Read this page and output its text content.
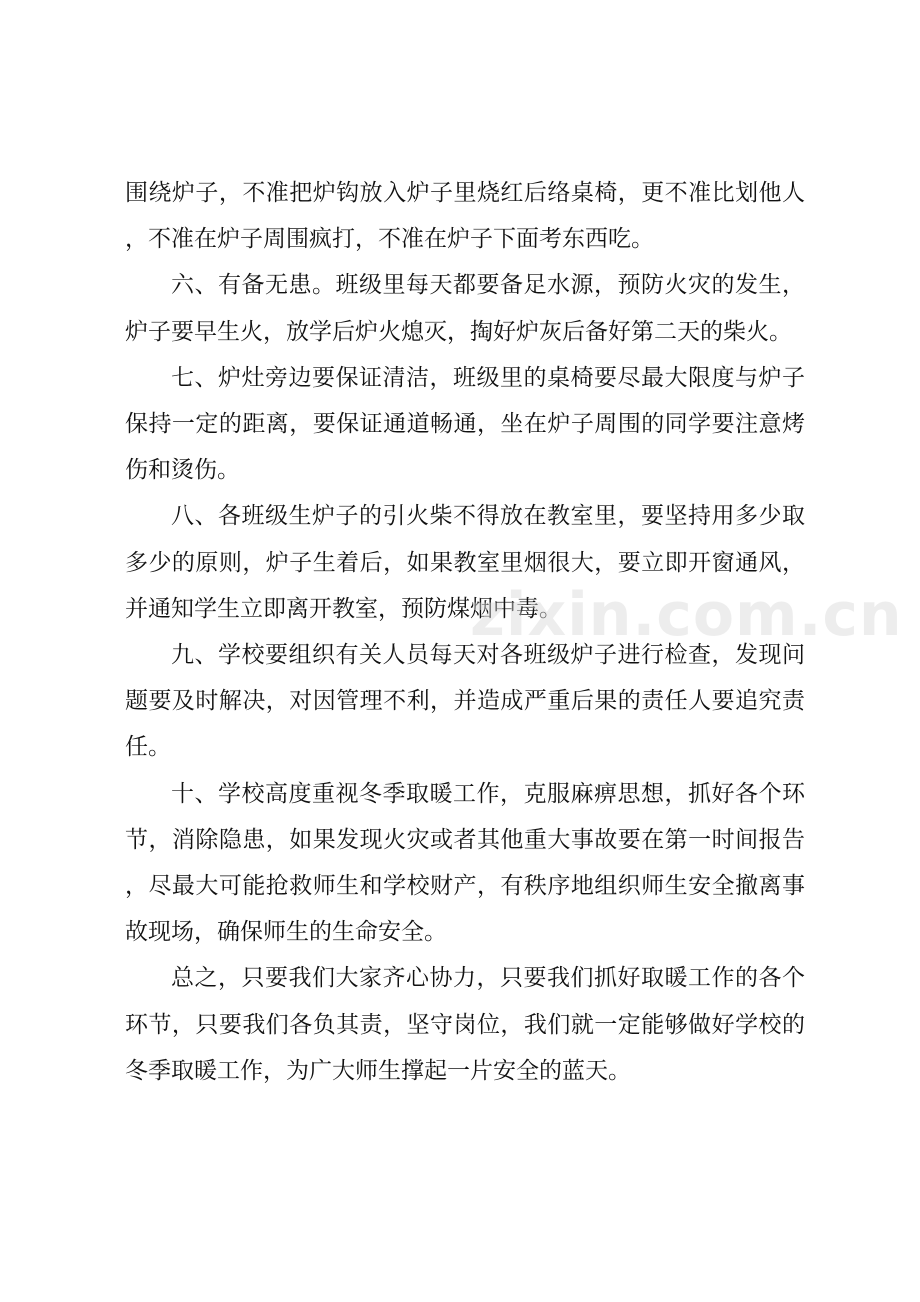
围绕炉子，不准把炉钩放入炉子里烧红后络桌椅，更不准比划他人，不准在炉子周围疯打，不准在炉子下面考东西吃。

六、有备无患。班级里每天都要备足水源，预防火灾的发生，炉子要早生火，放学后炉火熄灭，掏好炉灰后备好第二天的柴火。

七、炉灶旁边要保证清洁，班级里的桌椅要尽最大限度与炉子保持一定的距离，要保证通道畅通，坐在炉子周围的同学要注意烤伤和烫伤。

八、各班级生炉子的引火柴不得放在教室里，要坚持用多少取多少的原则，炉子生着后，如果教室里烟很大，要立即开窗通风，并通知学生立即离开教室，预防煤烟中毒。

九、学校要组织有关人员每天对各班级炉子进行检查，发现问题要及时解决，对因管理不利，并造成严重后果的责任人要追究责任。

十、学校高度重视冬季取暖工作，克服麻痹思想，抓好各个环节，消除隐患，如果发现火灾或者其他重大事故要在第一时间报告，尽最大可能抢救师生和学校财产，有秩序地组织师生安全撤离事故现场，确保师生的生命安全。

总之，只要我们大家齐心协力，只要我们抓好取暖工作的各个环节，只要我们各负其责，坚守岗位，我们就一定能够做好学校的冬季取暖工作，为广大师生撑起一片安全的蓝天。

zixin.com.cn
